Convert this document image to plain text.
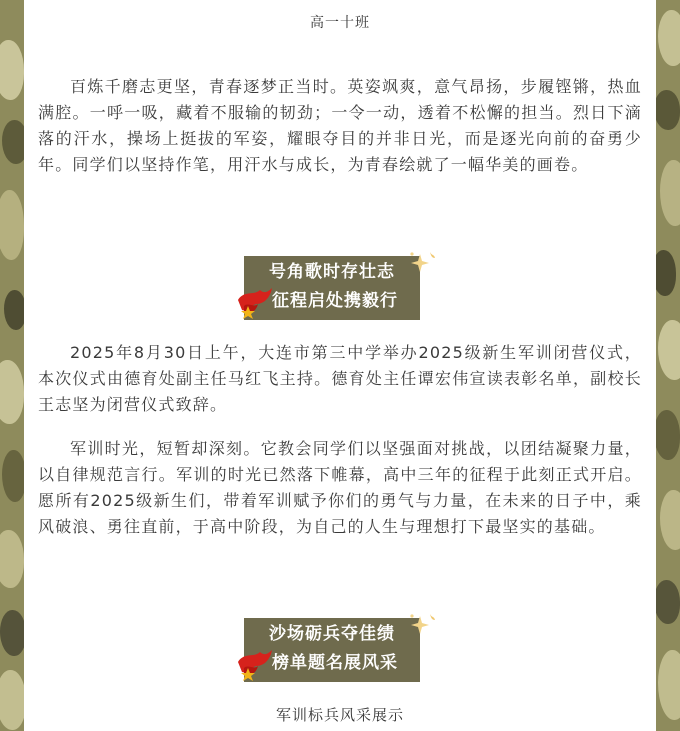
高一十班

百炼千磨志更坚，青春逐梦正当时。英姿飒爽，意气昂扬，步履铿锵，热血满腔。一呼一吸，藏着不服输的韧劲；一令一动，透着不松懈的担当。烈日下滴落的汗水，操场上挺拔的军姿，耀眼夺目的并非日光，而是逐光向前的奋勇少年。同学们以坚持作笔，用汗水与成长，为青春绘就了一幅华美的画卷。

号角歌时存壮志
征程启处携毅行

2025年8月30日上午，大连市第三中学举办2025级新生军训闭营仪式，本次仪式由德育处副主任马红飞主持。德育处主任谭宏伟宣读表彰名单，副校长王志坚为闭营仪式致辞。

军训时光，短暂却深刻。它教会同学们以坚强面对挑战，以团结凝聚力量，以自律规范言行。军训的时光已然落下帷幕，高中三年的征程于此刻正式开启。愿所有2025级新生们，带着军训赋予你们的勇气与力量，在未来的日子中，乘风破浪、勇往直前，于高中阶段，为自己的人生与理想打下最坚实的基础。

沙场砺兵夺佳绩
榜单题名展风采
军训标兵风采展示
